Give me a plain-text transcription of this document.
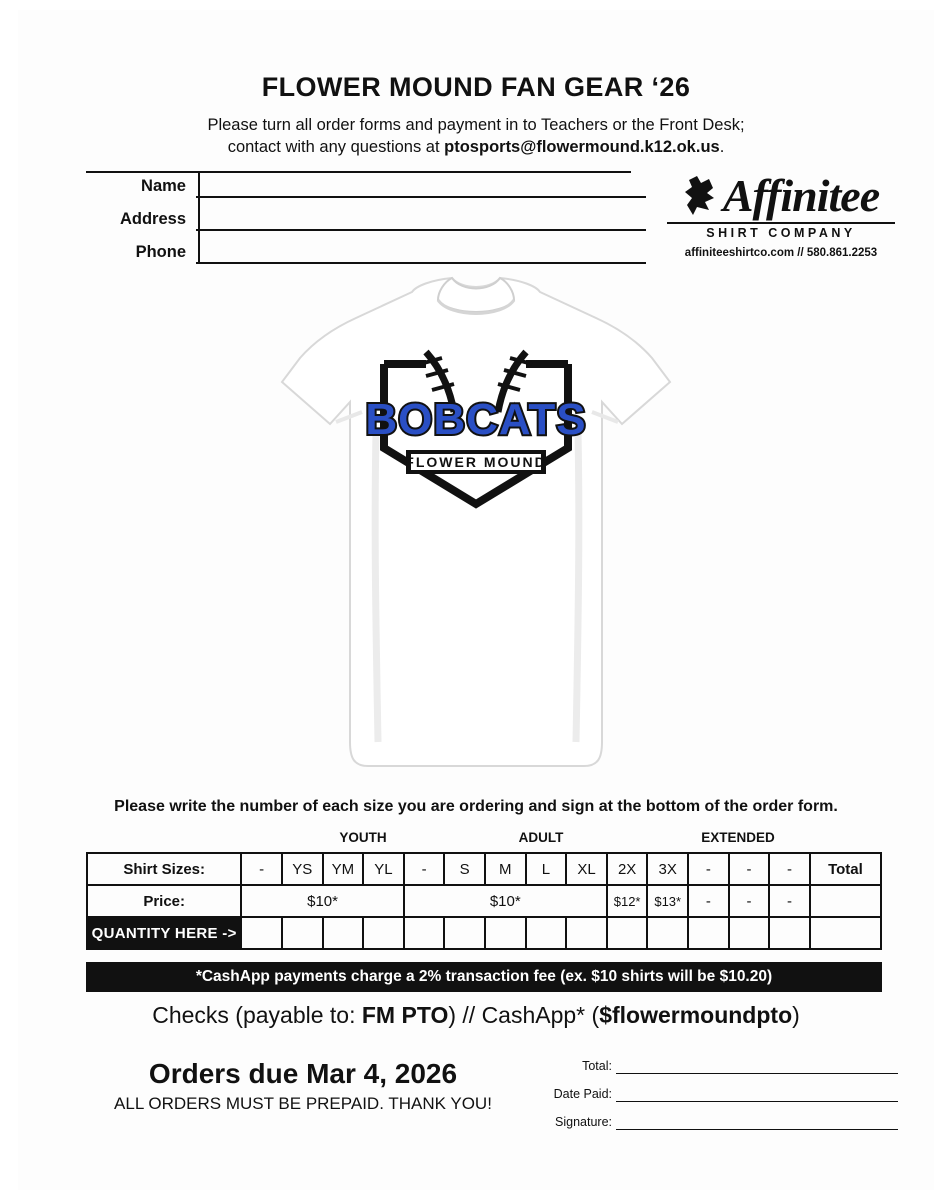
FLOWER MOUND FAN GEAR ‘26
Please turn all order forms and payment in to Teachers or the Front Desk;
contact with any questions at ptosports@flowermound.k12.ok.us.
Name
Address
Phone
Affinitee
SHIRT COMPANY
affiniteeshirtco.com // 580.861.2253
BOBCATS
FLOWER MOUND
Please write the number of each size you are ordering and sign at the bottom of the order form.
YOUTH	ADULT	EXTENDED
Shirt Sizes:	-	YS	YM	YL	-	S	M	L	XL	2X	3X	-	-	-	Total
Price:	$10*				$10*					$12*	$13*	-	-	-	

QUANTITY HERE ->															

*CashApp payments charge a 2% transaction fee (ex. $10 shirts will be $10.20)
Checks (payable to: FM PTO) // CashApp* ($flowermoundpto)
Orders due Mar 4, 2026
ALL ORDERS MUST BE PREPAID. THANK YOU!
Total:
Date Paid:
Signature:
